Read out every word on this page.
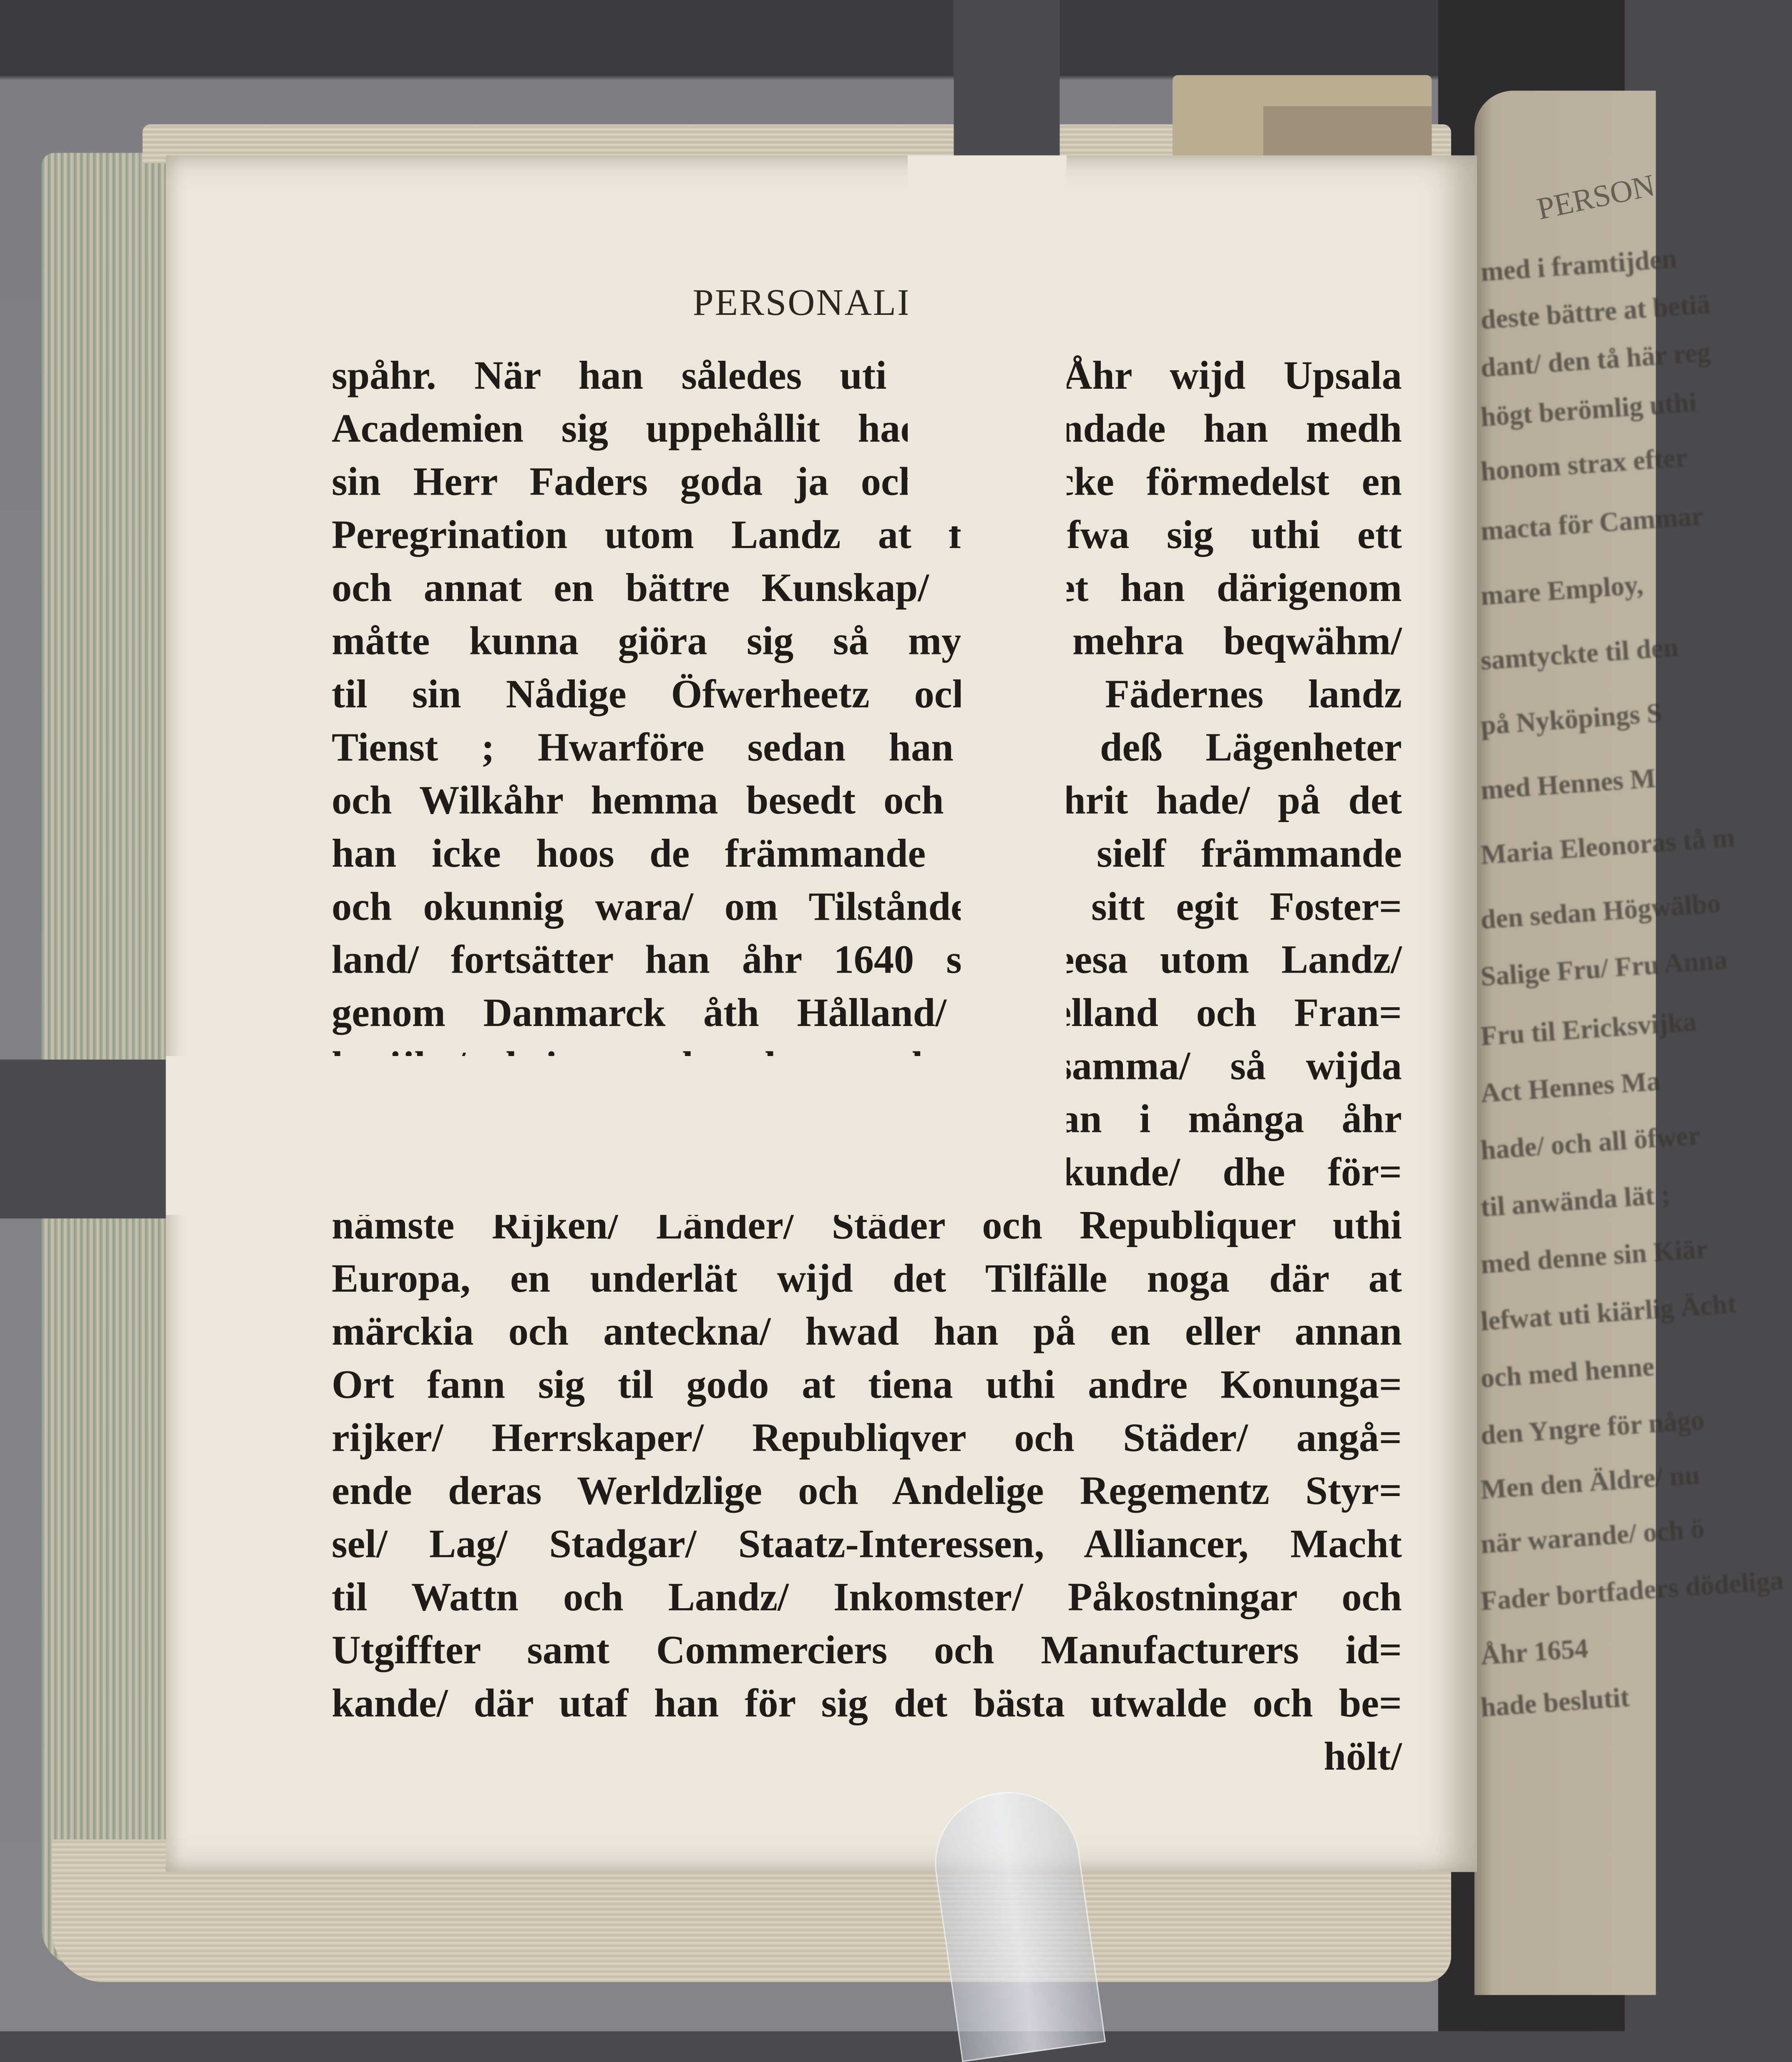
PERSON
med i framtijden
deste bättre at betiä
dant/ den tå här reg
högt berömlig uthi
honom strax efter
macta för Cammar
mare Employ,
samtyckte til den
på Nyköpings S
med Hennes M
Maria Eleonoras tå m
den sedan Högwälbo
Salige Fru/ Fru Anna
Fru til Ericksvijka
Act Hennes Ma
hade/ och all öfwer
til anwända lät ;
med denne sin Kiär
lefwat uti kiärlig Ächt
och med henne
den Yngre för någo
Men den Äldre/ nu
när warande/ och ö
Fader bortfaders dödeliga
Åhr 1654
hade beslutit
PERSONALIA.
spåhr. När han således uti några Åhr wijd Upsala
Academien sig uppehållit hade/ åstundade han medh
sin Herr Faders goda ja och samtycke förmedelst en
Peregrination utom Landz at förwärfwa sig uthi ett
och annat en bättre Kunskap/ på det han därigenom
måtte kunna giöra sig så mycket mehra beqwähm/
til sin Nådige Öfwerheetz och K. Fädernes landz
Tienst ; Hwarföre sedan han wäl deß Lägenheter
och Wilkåhr hemma besedt och ehrfahrit hade/ på det
han icke hoos de främmande skulle sielf främmande
och okunnig wara/ om Tilståndet uti sitt egit Foster=
land/ fortsätter han åhr 1640 sin Reesa utom Landz/
genom Danmarck åth Hålland/ Engelland och Fran=
kerijke/ kringwandrandes med det samma/ så wijda
den uti Tyskland upwuxne och redan i många åhr
påståndne Krigz=Oroligheten tillåta kunde/ dhe för=
nämste Rijken/ Länder/ Städer och Republiquer uthi
Europa, en underlät wijd det Tilfälle noga där at
märckia och anteckna/ hwad han på en eller annan
Ort fann sig til godo at tiena uthi andre Konunga=
rijker/ Herrskaper/ Republiqver och Städer/ angå=
ende deras Werldzlige och Andelige Regementz Styr=
sel/ Lag/ Stadgar/ Staatz-Interessen, Alliancer, Macht
til Wattn och Landz/ Inkomster/ Påkostningar och
Utgiffter samt Commerciers och Manufacturers id=
kande/ där utaf han för sig det bästa utwalde och be=
hölt/
